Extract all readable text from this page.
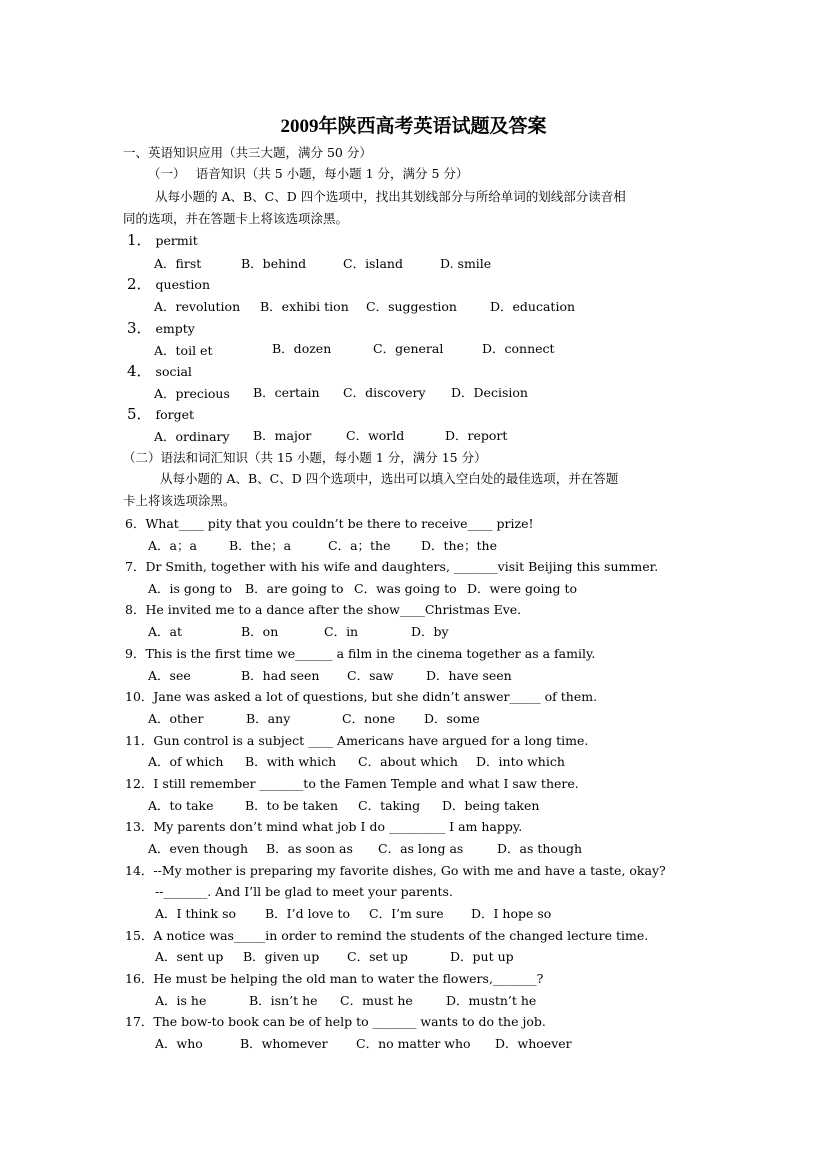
2009年陕西高考英语试题及答案
一、英语知识应用（共三大题，满分 50 分）
（一）　 语音知识（共 5 小题，每小题 1 分，满分 5 分）
从每小题的 A、B、C、D 四个选项中，找出其划线部分与所给单词的划线部分读音相
同的选项，并在答题卡上将该选项涂黑。
1． permit
A．first	B．behind	C．island	D. smile
2． question
A．revolution B．exhibi tion C．suggestion	D．education
3． empty
A．toil et	B．dozen	C．general	D．connect
4． social
A．precious B．certain C．discovery D．Decision
5． forget
A．ordinary B．major	C．world	D．report
（二）语法和词汇知识（共 15 小题，每小题 1 分，满分 15 分）
从每小题的 A、B、C、D 四个选项中，选出可以填入空白处的最佳选项，并在答题
卡上将该选项涂黑。
6．What____ pity that you couldn’t be there to receive____ prize!
A．a；a	B．the；a	C．a；the D．the；the
7．Dr Smith, together with his wife and daughters, _______visit Beijing this summer.
A．is gong to B．are going to C．was going to D．were going to
8．He invited me to a dance after the show____Christmas Eve.
A．at	B．on	C．in	D．by
9．This is the first time we______ a film in the cinema together as a family.
A．see	B．had seen C．saw	D．have seen
10．Jane was asked a lot of questions, but she didn’t answer_____ of them.
A．other	B．any	C．none D．some
11．Gun control is a subject ____ Americans have argued for a long time.
A．of which B．with which C．about which D．into which
12．I still remember _______to the Famen Temple and what I saw there.
A．to take	B．to be taken C．taking D．being taken
13．My parents don’t mind what job I do _________ I am happy.
A．even though B．as soon as C．as long as	D．as though
14．--My mother is preparing my favorite dishes, Go with me and have a taste, okay?
--_______. And I’ll be glad to meet your parents.
A．I think so B．I’d love to C．I’m sure D．I hope so
15．A notice was_____in order to remind the students of the changed lecture time.
A．sent up B．given up C．set up	D．put up
16．He must be helping the old man to water the flowers,_______?
A．is he	B．isn’t he C．must he	D．mustn’t he
17．The bow-to book can be of help to _______ wants to do the job.
A．who	B．whomever C．no matter who D．whoever
